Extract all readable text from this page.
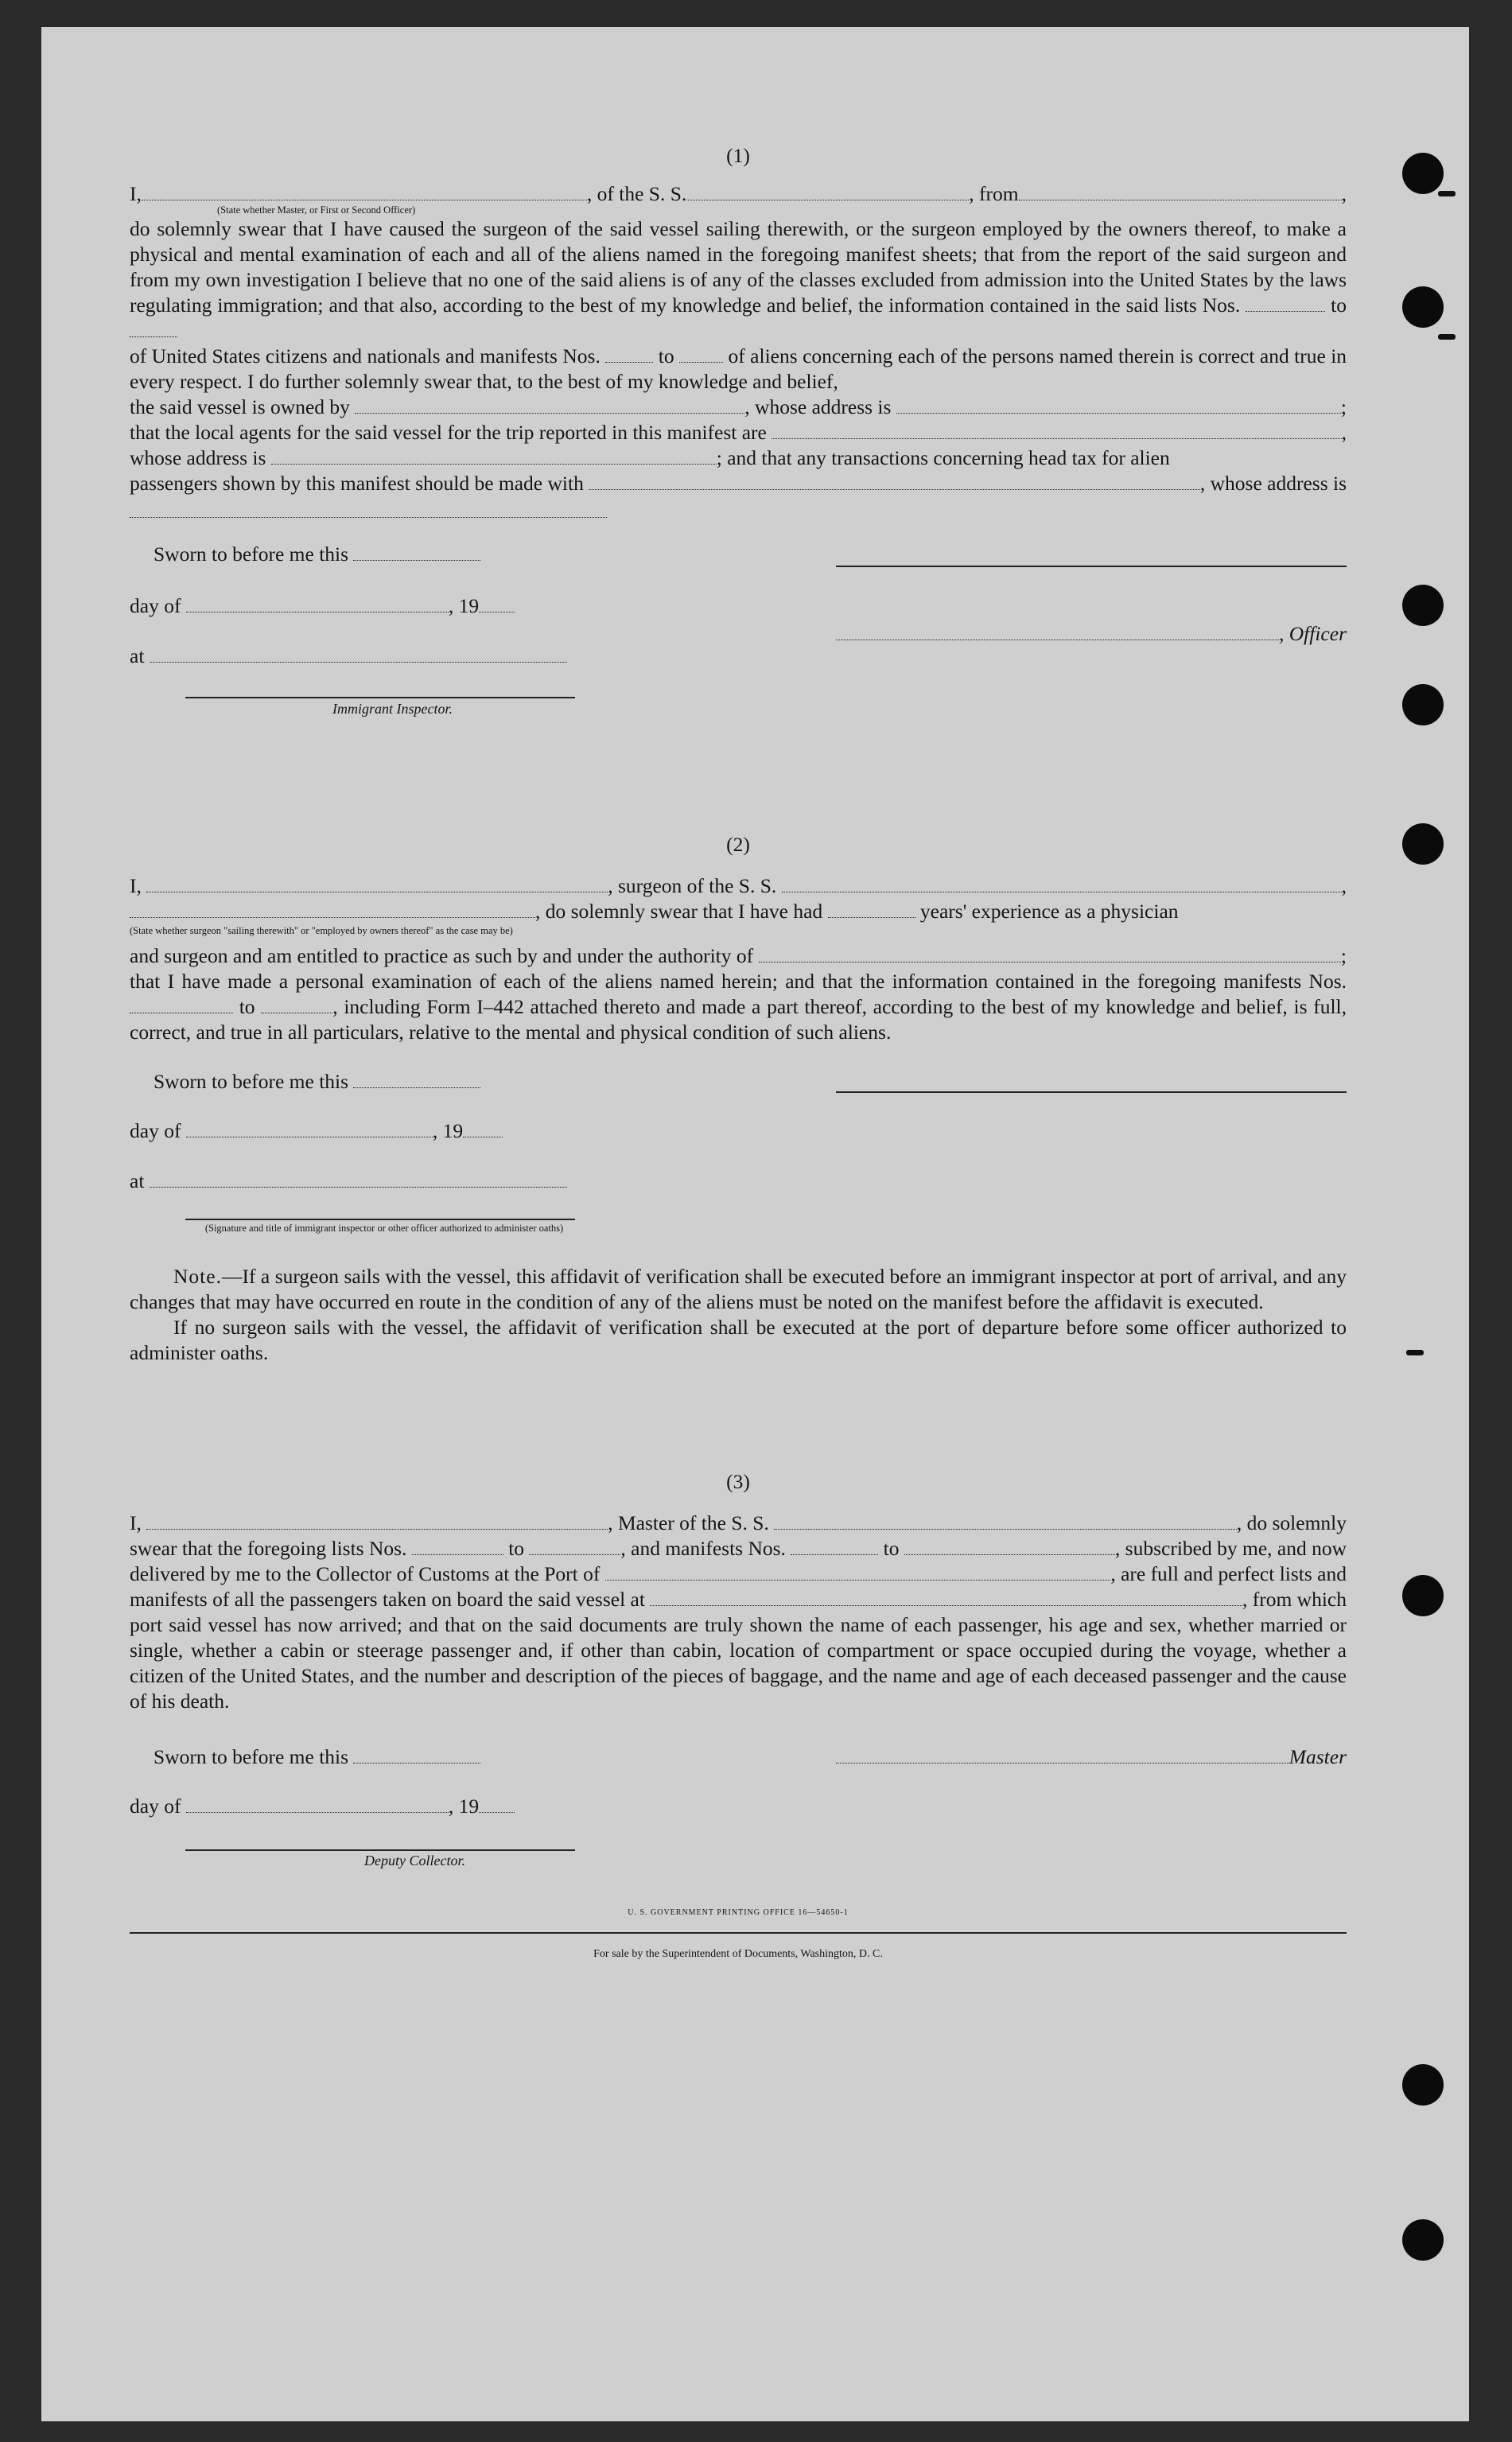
(1)

I,	, of the S. S.	, from	,

(State whether Master, or First or Second Officer)

do solemnly swear that I have caused the surgeon of the said vessel sailing therewith, or the surgeon employed by the owners thereof, to make a physical and mental examination of each and all of the aliens named in the foregoing manifest sheets; that from the report of the said surgeon and from my own investigation I believe that no one of the said aliens is of any of the classes excluded from admission into the United States by the laws regulating immigration; and that also, according to the best of my knowledge and belief, the information contained in the said lists Nos.	to

of United States citizens and nationals and manifests Nos.	to	of aliens concerning each of the persons named therein is correct and true in every respect. I do further solemnly swear that, to the best of my knowledge and belief,

the said vessel is owned by
	, whose address is
	;
that the local agents for the said vessel for the trip reported in this manifest are
	,
whose address is
	; and that any transactions concerning head tax for alien
passengers shown by this manifest should be made with
	, whose address is
Sworn to before me this

day of
	, 19
at

Immigrant Inspector.
, Officer

(2)

I,
	, surgeon of the S. S.
	,
, do solemnly swear that I have had

	years' experience as a physician

(State whether surgeon "sailing therewith" or "employed by owners thereof" as the case may be)

and surgeon and am entitled to practice as such by and under the authority of
	;

that I have made a personal examination of each of the aliens named herein; and that the information contained in the foregoing manifests Nos.  to	, including Form I–442 attached thereto and made a part thereof, according to the best of my knowledge and belief, is full, correct, and true in all particulars, relative to the mental and physical condition of such aliens.

Sworn to before me this

day of
	, 19
at

(Signature and title of immigrant inspector or other officer authorized to administer oaths)

Note.—If a surgeon sails with the vessel, this affidavit of verification shall be executed before an immigrant inspector at port of arrival, and any changes that may have occurred en route in the condition of any of the aliens must be noted on the manifest before the affidavit is executed.

If no surgeon sails with the vessel, the affidavit of verification shall be executed at the port of departure before some officer authorized to administer oaths.

(3)

I,
	, Master of the S. S.
	, do solemnly
swear that the foregoing lists Nos.

	to
	, and manifests Nos.

	to
	, subscribed by me, and now
delivered by me to the Collector of Customs at the Port of
	, are full and perfect lists and
manifests of all the passengers taken on board the said vessel at
	, from which

port said vessel has now arrived; and that on the said documents are truly shown the name of each passenger, his age and sex, whether married or single, whether a cabin or steerage passenger and, if other than cabin, location of compartment or space occupied during the voyage, whether a citizen of the United States, and the number and description of the pieces of baggage, and the name and age of each deceased passenger and the cause of his death.

Sworn to before me this

day of
	, 19
Deputy Collector.
Master
U. S. GOVERNMENT PRINTING OFFICE 16—54650-1
For sale by the Superintendent of Documents, Washington, D. C.
